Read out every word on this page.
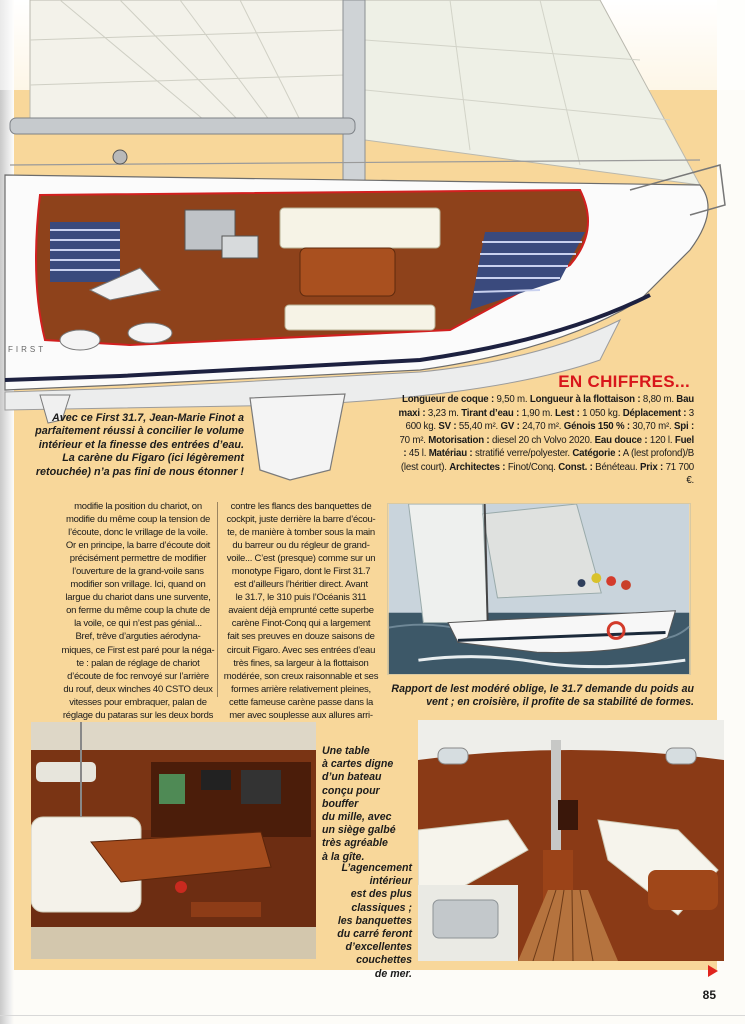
FIRST
Avec ce First 31.7, Jean-Marie Finot a parfaitement réussi à concilier le volume intérieur et la finesse des entrées d’eau. La carène du Figaro (ici légèrement retouchée) n’a pas fini de nous étonner !
EN CHIFFRES...
Longueur de coque : 9,50 m. Longueur à la flottaison : 8,80 m. Bau maxi : 3,23 m. Tirant d’eau : 1,90 m. Lest : 1 050 kg. Déplacement : 3 600 kg. SV : 55,40 m². GV : 24,70 m². Génois 150 % : 30,70 m². Spi : 70 m². Motorisation : diesel 20 ch Volvo 2020. Eau douce : 120 l. Fuel : 45 l. Matériau : stratifié verre/polyester. Catégorie : A (lest profond)/B (lest court). Architectes : Finot/Conq. Const. : Bénéteau. Prix : 71 700 €.
modifie la position du chariot, on
modifie du même coup la tension de
l’écoute, donc le vrillage de la voile.
Or en principe, la barre d’écoute doit
précisément permettre de modifier
l’ouverture de la grand-voile sans
modifier son vrillage. Ici, quand on
largue du chariot dans une survente,
on ferme du même coup la chute de
la voile, ce qui n’est pas génial...
Bref, trêve d’arguties aérodyna-
miques, ce First est paré pour la néga-
te : palan de réglage de chariot
d’écoute de foc renvoyé sur l’arrière
du rouf, deux winches 40 CSTO deux
vitesses pour embraquer, palan de
réglage du pataras sur les deux bords
contre les flancs des banquettes de
cockpit, juste derrière la barre d’écou-
te, de manière à tomber sous la main
du barreur ou du régleur de grand-
voile... C’est (presque) comme sur un
monotype Figaro, dont le First 31.7
est d’ailleurs l’héritier direct. Avant
le 31.7, le 310 puis l’Océanis 311
avaient déjà emprunté cette superbe
carène Finot-Conq qui a largement
fait ses preuves en douze saisons de
circuit Figaro. Avec ses entrées d’eau
très fines, sa largeur à la flottaison
modérée, son creux raisonnable et ses
formes arrière relativement pleines,
cette fameuse carène passe dans la
mer avec souplesse aux allures arri-
Rapport de lest modéré oblige, le 31.7 demande du poids au vent ; en croisière, il profite de sa stabilité de formes.
Une table
à cartes digne
d’un bateau
conçu pour
bouffer
du mille, avec
un siège galbé
très agréable
à la gîte.
L’agencement
intérieur
est des plus
classiques ;
les banquettes
du carré feront
d’excellentes
couchettes
de mer.
85
